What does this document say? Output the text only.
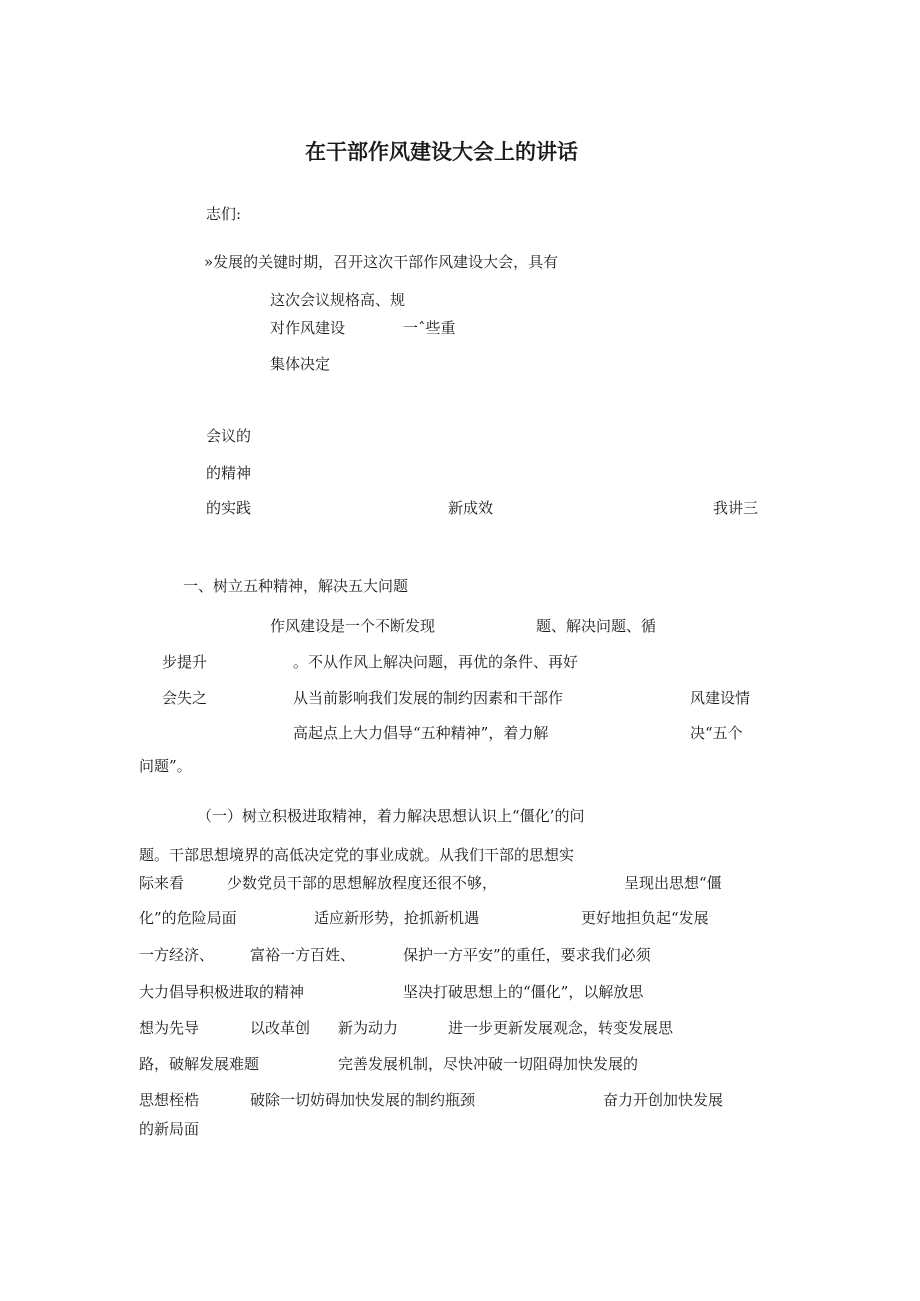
在干部作风建设大会上的讲话
志们:
»发展的关键时期，召开这次干部作风建设大会，具有
这次会议规格高、规
对作风建设	一ˆ些重
集体决定
会议的
的精神
的实践	新成效	我讲三
一、树立五种精神，解决五大问题
作风建设是一个不断发现	题、解决问题、循
步提升	。不从作风上解决问题，再优的条件、再好
会失之	从当前影响我们发展的制约因素和干部作	风建设情
高起点上大力倡导“五种精神”，着力解	决“五个
问题”。
（一）树立积极进取精神，着力解决思想认识上“僵化’的问
题。干部思想境界的高低决定党的事业成就。从我们干部的思想实
际来看	少数党员干部的思想解放程度还很不够，	呈现出思想“僵
化”的危险局面	适应新形势，抢抓新机遇	更好地担负起“发展
一方经济、 富裕一方百姓、	保护一方平安”的重任，要求我们必须
大力倡导积极进取的精神	坚决打破思想上的“僵化”，以解放思
想为先导	以改革创 新为动力	进一步更新发展观念，转变发展思
路，破解发展难题	完善发展机制，尽快冲破一切阻碍加快发展的
思想桎梏	破除一切妨碍加快发展的制约瓶颈	奋力开创加快发展
的新局面
